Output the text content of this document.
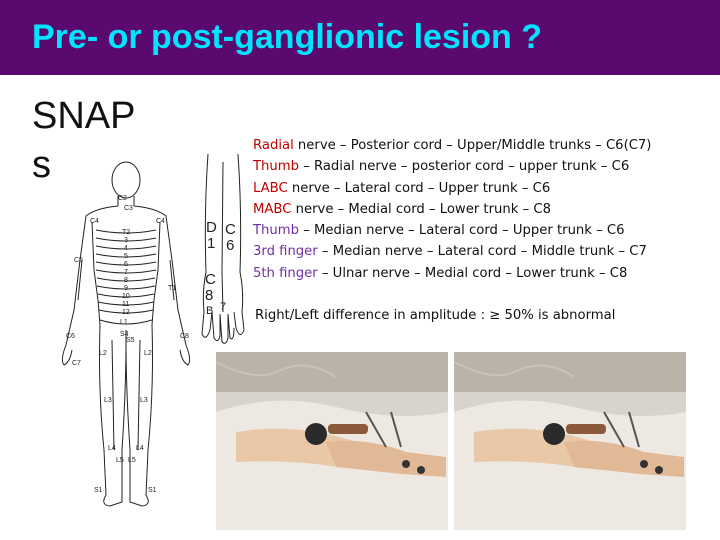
Pre- or post-ganglionic lesion ?
SNAPs
C2
C3
C4	C4
T2
3
4
5
6
7
8
9
10
11
12
L1
L2	L2
L3	L3
L4	L4
L5 L5
S1	S1
S4
S5
C5
C6
C7
C8
T1
C
6
D
1
C
8
B 7
Radial nerve – Posterior cord – Upper/Middle trunks – C6(C7)
Thumb – Radial nerve – posterior cord – upper trunk – C6
LABC nerve – Lateral cord – Upper trunk – C6
MABC nerve – Medial cord – Lower trunk – C8
Thumb – Median nerve – Lateral cord – Upper trunk – C6
3rd finger – Median nerve – Lateral cord – Middle trunk – C7
5th finger – Ulnar nerve – Medial cord – Lower trunk – C8
Right/Left difference in amplitude : ≥ 50% is abnormal
